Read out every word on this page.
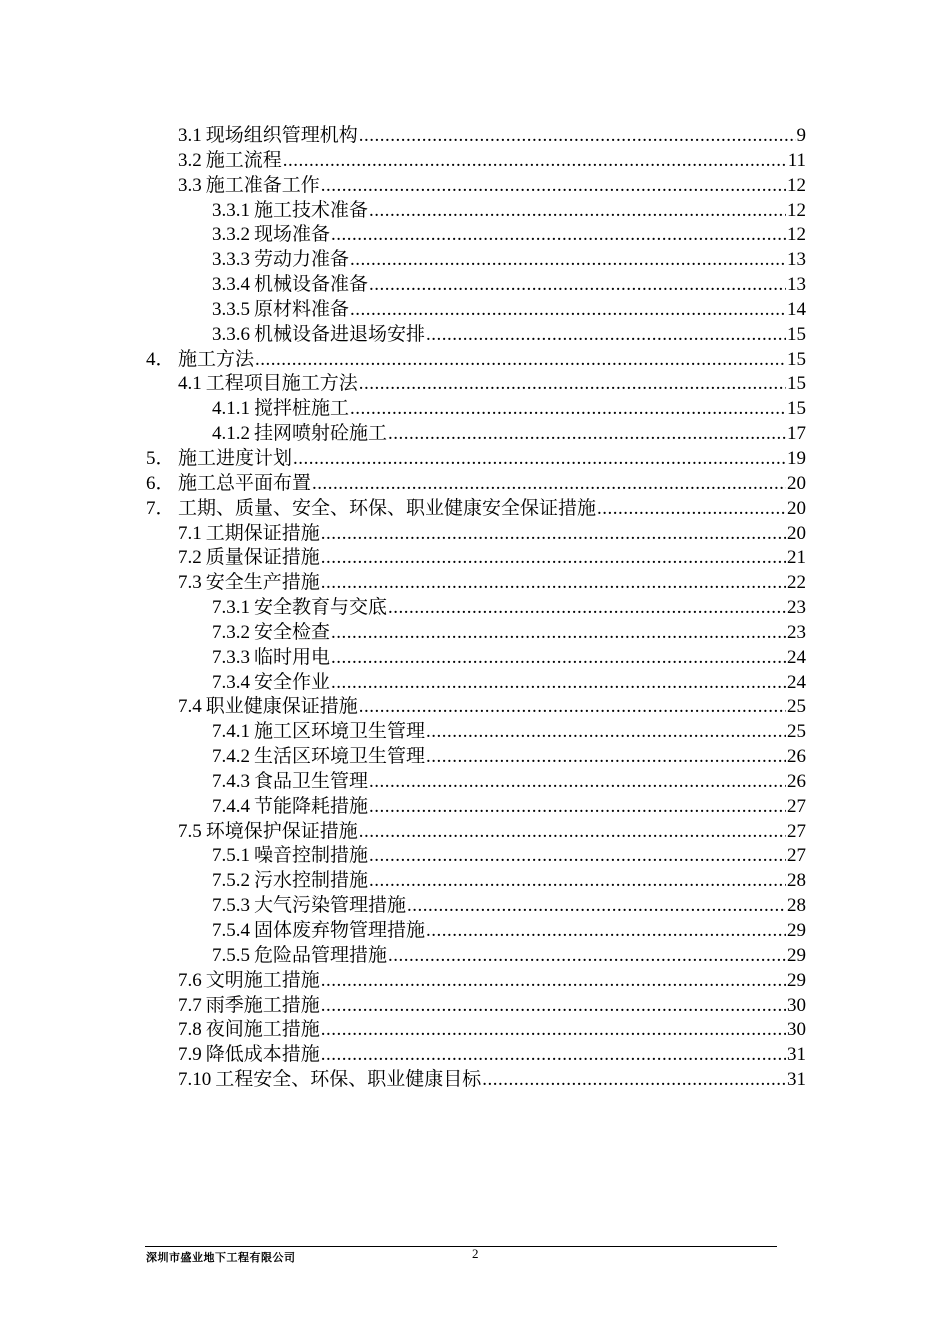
3.1 现场组织管理机构 .....	9
3.2 施工流程 .....	11
3.3 施工准备工作 .....	12
3.3.1 施工技术准备 .....	12
3.3.2 现场准备 .....	12
3.3.3 劳动力准备 .....	13
3.3.4 机械设备准备 .....	13
3.3.5 原材料准备 .....	14
3.3.6 机械设备进退场安排 .....	15
4． 施工方法 .....	15
4.1 工程项目施工方法 .....	15
4.1.1 搅拌桩施工 .....	15
4.1.2 挂网喷射砼施工 .....	17
5． 施工进度计划 .....	19
6． 施工总平面布置 .....	20
7． 工期、质量、安全、环保、职业健康安全保证措施 .....	20
7.1 工期保证措施 .....	20
7.2 质量保证措施 .....	21
7.3 安全生产措施 .....	22
7.3.1 安全教育与交底 .....	23
7.3.2 安全检查 .....	23
7.3.3 临时用电 .....	24
7.3.4 安全作业 .....	24
7.4 职业健康保证措施 .....	25
7.4.1 施工区环境卫生管理 .....	25
7.4.2 生活区环境卫生管理 .....	26
7.4.3 食品卫生管理 .....	26
7.4.4 节能降耗措施 .....	27
7.5 环境保护保证措施 .....	27
7.5.1 噪音控制措施 .....	27
7.5.2 污水控制措施 .....	28
7.5.3 大气污染管理措施 .....	28
7.5.4 固体废弃物管理措施 .....	29
7.5.5 危险品管理措施 .....	29
7.6 文明施工措施 .....	29
7.7 雨季施工措施 .....	30
7.8 夜间施工措施 .....	30
7.9 降低成本措施 .....	31
7.10 工程安全、环保、职业健康目标 .....	31
深圳市盛业地下工程有限公司	2
